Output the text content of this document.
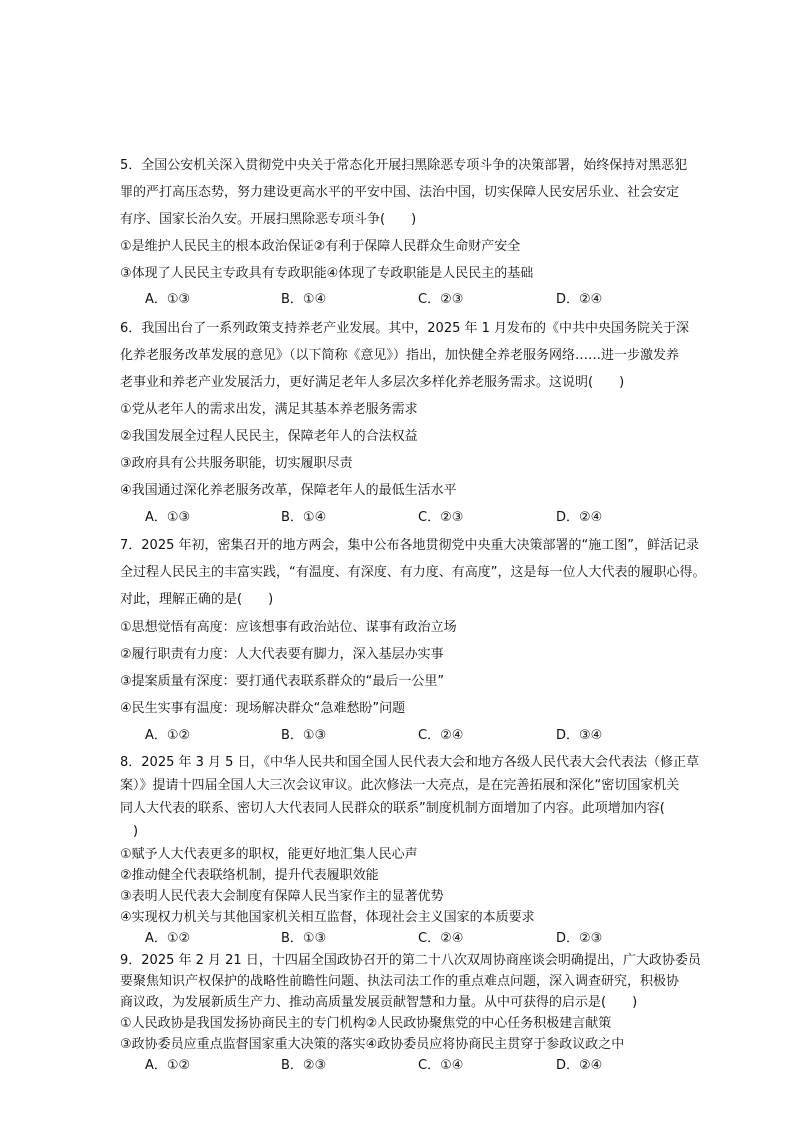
5．全国公安机关深入贯彻党中央关于常态化开展扫黑除恶专项斗争的决策部署，始终保持对黑恶犯
罪的严打高压态势，努力建设更高水平的平安中国、法治中国，切实保障人民安居乐业、社会安定
有序、国家长治久安。开展扫黑除恶专项斗争(　　)
①是维护人民民主的根本政治保证②有利于保障人民群众生命财产安全
③体现了人民民主专政具有专政职能④体现了专政职能是人民民主的基础
A．①③	B．①④	C．②③	D．②④
6．我国出台了一系列政策支持养老产业发展。其中，2025 年 1 月发布的《中共中央国务院关于深
化养老服务改革发展的意见》（以下简称《意见》）指出，加快健全养老服务网络……进一步激发养
老事业和养老产业发展活力，更好满足老年人多层次多样化养老服务需求。这说明(　　)
①党从老年人的需求出发，满足其基本养老服务需求
②我国发展全过程人民民主，保障老年人的合法权益
③政府具有公共服务职能，切实履职尽责
④我国通过深化养老服务改革，保障老年人的最低生活水平
A．①③	B．①④	C．②③	D．②④
7．2025 年初，密集召开的地方两会，集中公布各地贯彻党中央重大决策部署的“施工图”，鲜活记录
全过程人民民主的丰富实践，“有温度、有深度、有力度、有高度”，这是每一位人大代表的履职心得。
对此，理解正确的是(　　)
①思想觉悟有高度：应该想事有政治站位、谋事有政治立场
②履行职责有力度：人大代表要有脚力，深入基层办实事
③提案质量有深度：要打通代表联系群众的“最后一公里”
④民生实事有温度：现场解决群众“急难愁盼”问题
A．①②	B．①③	C．②④	D．③④
8．2025 年 3 月 5 日，《中华人民共和国全国人民代表大会和地方各级人民代表大会代表法（修正草
案）》提请十四届全国人大三次会议审议。此次修法一大亮点，是在完善拓展和深化“密切国家机关
同人大代表的联系、密切人大代表同人民群众的联系”制度机制方面增加了内容。此项增加内容(
　)
①赋予人大代表更多的职权，能更好地汇集人民心声
②推动健全代表联络机制，提升代表履职效能
③表明人民代表大会制度有保障人民当家作主的显著优势
④实现权力机关与其他国家机关相互监督，体现社会主义国家的本质要求
A．①②	B．①③	C．②④	D．②③
9．2025 年 2 月 21 日，十四届全国政协召开的第二十八次双周协商座谈会明确提出，广大政协委员
要聚焦知识产权保护的战略性前瞻性问题、执法司法工作的重点难点问题，深入调查研究，积极协
商议政，为发展新质生产力、推动高质量发展贡献智慧和力量。从中可获得的启示是(　　)
①人民政协是我国发扬协商民主的专门机构②人民政协聚焦党的中心任务积极建言献策
③政协委员应重点监督国家重大决策的落实④政协委员应将协商民主贯穿于参政议政之中
A．①②	B．②③	C．①④	D．②④
